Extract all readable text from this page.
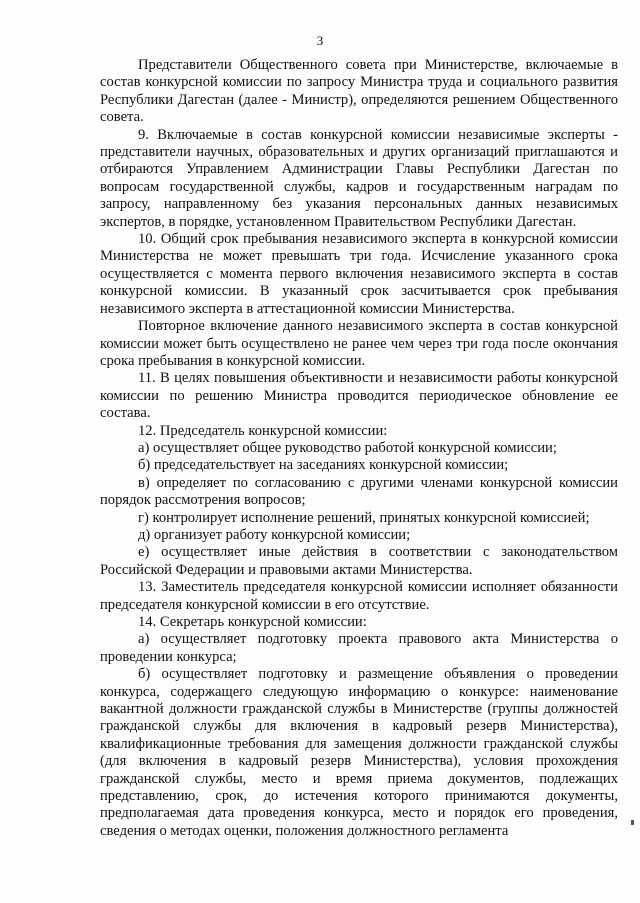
3

Представители Общественного совета при Министерстве, включаемые в состав конкурсной комиссии по запросу Министра труда и социального развития Республики Дагестан (далее - Министр), определяются решением Общественного совета.

9. Включаемые в состав конкурсной комиссии независимые эксперты - представители научных, образовательных и других организаций приглашаются и отбираются Управлением Администрации Главы Республики Дагестан по вопросам государственной службы, кадров и государственным наградам по запросу, направленному без указания персональных данных независимых экспертов, в порядке, установленном Правительством Республики Дагестан.

10. Общий срок пребывания независимого эксперта в конкурсной комиссии Министерства не может превышать три года. Исчисление указанного срока осуществляется с момента первого включения независимого эксперта в состав конкурсной комиссии. В указанный срок засчитывается срок пребывания независимого эксперта в аттестационной комиссии Министерства.

Повторное включение данного независимого эксперта в состав конкурсной комиссии может быть осуществлено не ранее чем через три года после окончания срока пребывания в конкурсной комиссии.

11. В целях повышения объективности и независимости работы конкурсной комиссии по решению Министра проводится периодическое обновление ее состава.

12. Председатель конкурсной комиссии:

а) осуществляет общее руководство работой конкурсной комиссии;

б) председательствует на заседаниях конкурсной комиссии;

в) определяет по согласованию с другими членами конкурсной комиссии порядок рассмотрения вопросов;

г) контролирует исполнение решений, принятых конкурсной комиссией;

д) организует работу конкурсной комиссии;

е) осуществляет иные действия в соответствии с законодательством Российской Федерации и правовыми актами Министерства.

13. Заместитель председателя конкурсной комиссии исполняет обязанности председателя конкурсной комиссии в его отсутствие.

14. Секретарь конкурсной комиссии:

а) осуществляет подготовку проекта правового акта Министерства о проведении конкурса;

б) осуществляет подготовку и размещение объявления о проведении конкурса, содержащего следующую информацию о конкурсе: наименование вакантной должности гражданской службы в Министерстве (группы должностей гражданской службы для включения в кадровый резерв Министерства), квалификационные требования для замещения должности гражданской службы (для включения в кадровый резерв Министерства), условия прохождения гражданской службы, место и время приема документов, подлежащих представлению, срок, до истечения которого принимаются документы, предполагаемая дата проведения конкурса, место и порядок его проведения, сведения о методах оценки, положения должностного регламента
